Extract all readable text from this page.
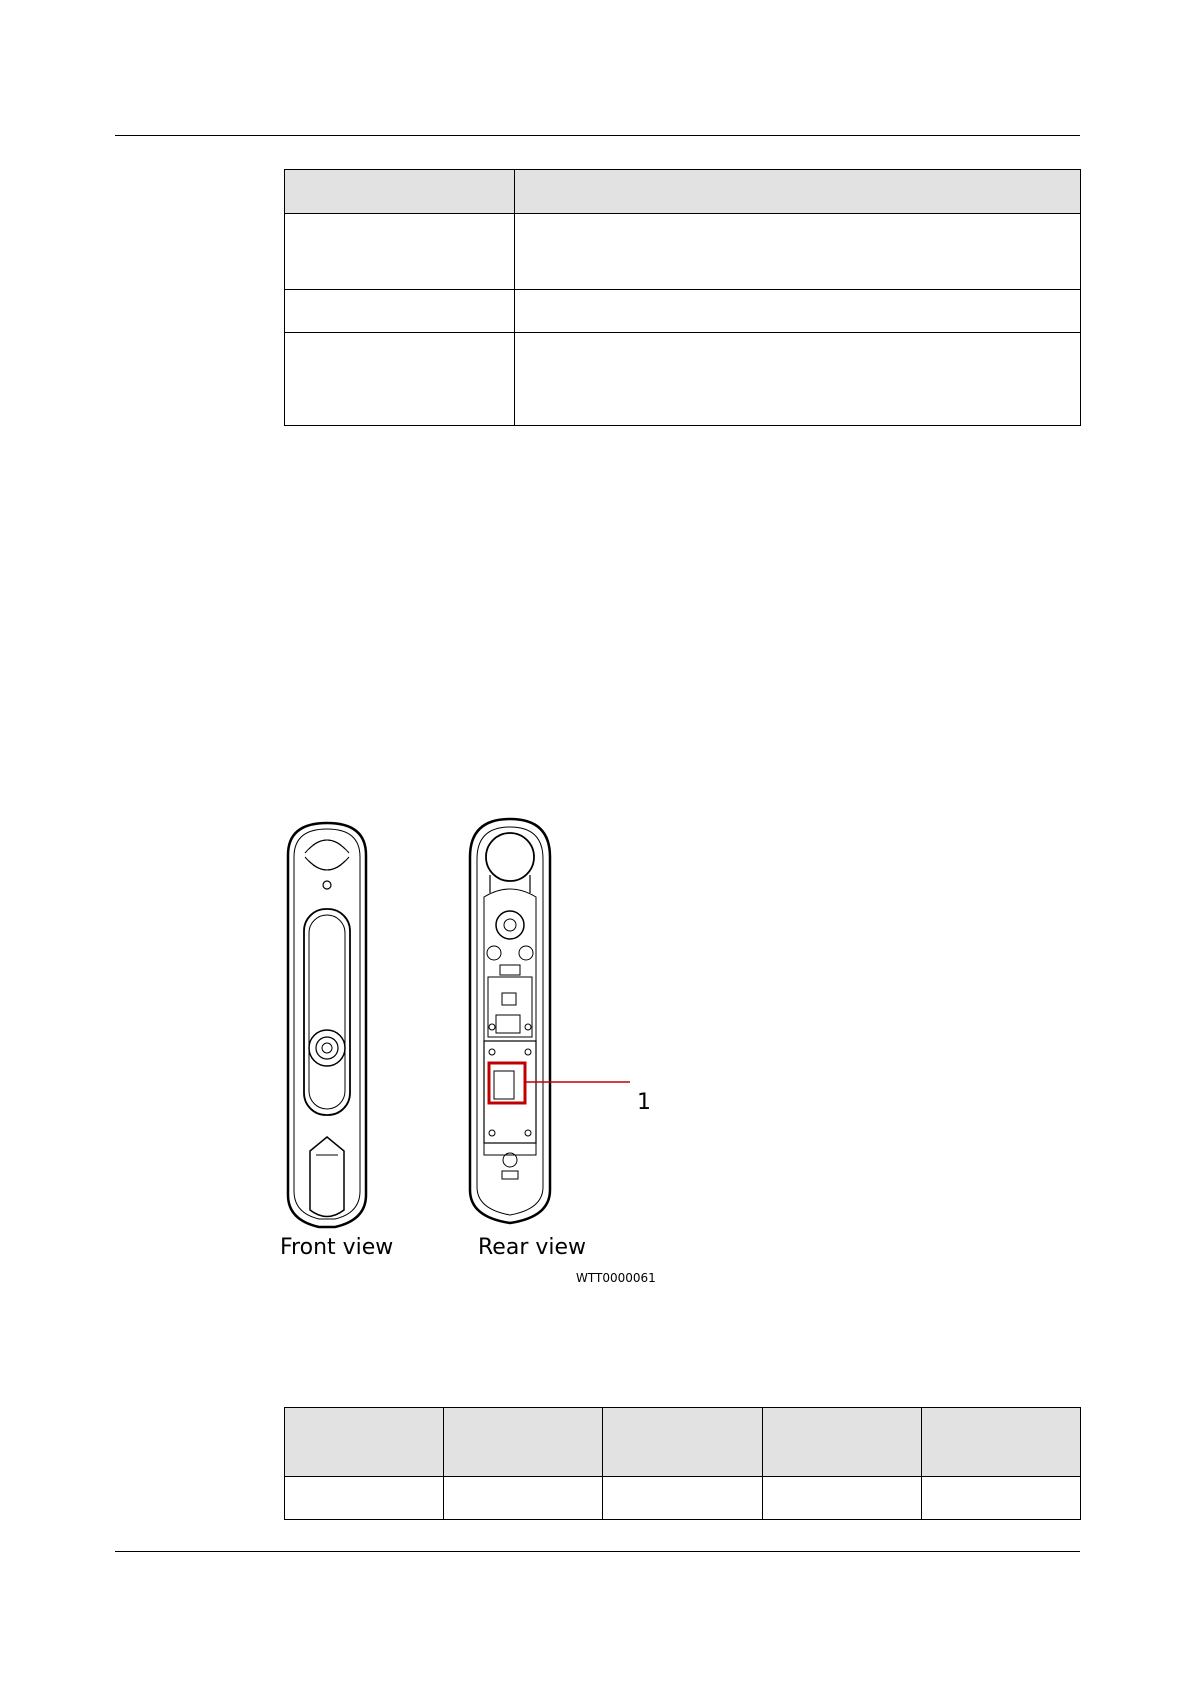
1
Front view	Rear view
WTT0000061
